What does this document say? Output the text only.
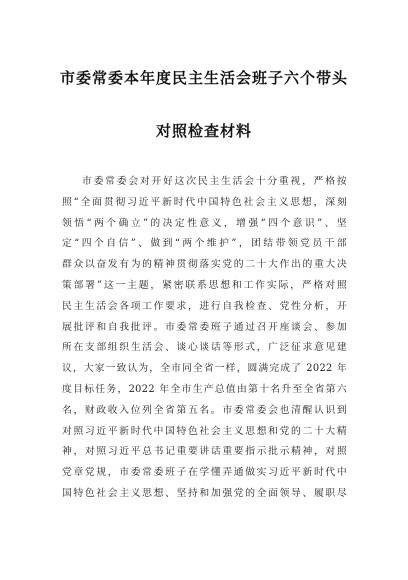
市委常委本年度民主生活会班子六个带头
对照检查材料
市委常委会对开好这次民主生活会十分重视，严格按
照“全面贯彻习近平新时代中国特色社会主义思想，深刻
领悟“两个确立”的决定性意义，增强“四个意识”、坚
定“四个自信”、做到“两个维护”，团结带领党员干部
群众以奋发有为的精神贯彻落实党的二十大作出的重大决
策部署”这一主题，紧密联系思想和工作实际，严格对照
民主生活会各项工作要求，进行自我检查、党性分析，开
展批评和自我批评。市委常委班子通过召开座谈会、参加
所在支部组织生活会、谈心谈话等形式，广泛征求意见建
议，大家一致认为，全市同全省一样，圆满完成了 2022 年
度目标任务，2022 年全市生产总值由第十名升至全省第六
名，财政收入位列全省第五名。市委常委会也清醒认识到
对照习近平新时代中国特色社会主义思想和党的二十大精
神，对照习近平总书记重要讲话重要指示批示精神，对照
党章党规，市委常委班子在学懂弄通做实习近平新时代中
国特色社会主义思想、坚持和加强党的全面领导、履职尽
